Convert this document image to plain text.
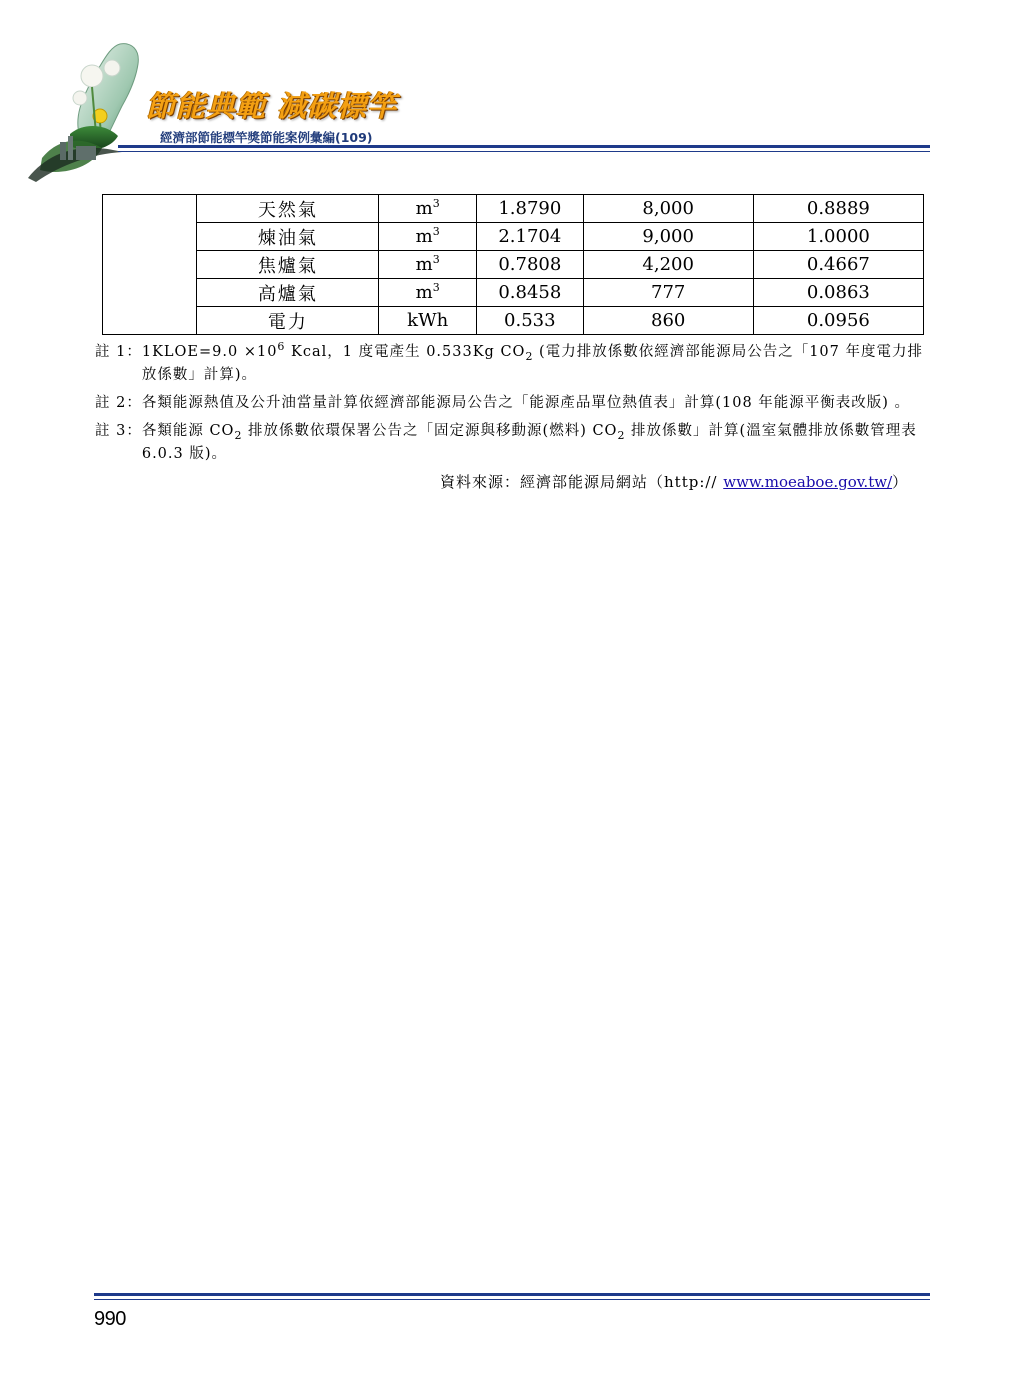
節能典範 減碳標竿
經濟部節能標竿獎節能案例彙編(109)
	天然氣	$m^3$	1.8790	8,000	0.8889
	煉油氣	$m^3$	2.1704	9,000	1.0000
	焦爐氣	$m^3$	0.7808	4,200	0.4667
	高爐氣	$m^3$	0.8458	777	0.0863
	電力	kWh	0.533	860	0.0956
註 1： 1KLOE=9.0 $\times 10^6$ Kcal，1 度電產生 0.533Kg $CO_2$ (電力排放係數依經濟部能源局公告之「107 年度電力排放係數」計算)。
註 2： 各類能源熱值及公升油當量計算依經濟部能源局公告之「能源產品單位熱值表」計算(108 年能源平衡表改版) 。
註 3： 各類能源 $CO_2$ 排放係數依環保署公告之「固定源與移動源(燃料) $CO_2$ 排放係數」計算(溫室氣體排放係數管理表 6.0.3 版)。
資料來源：經濟部能源局網站（http:// www.moeaboe.gov.tw/）
990
